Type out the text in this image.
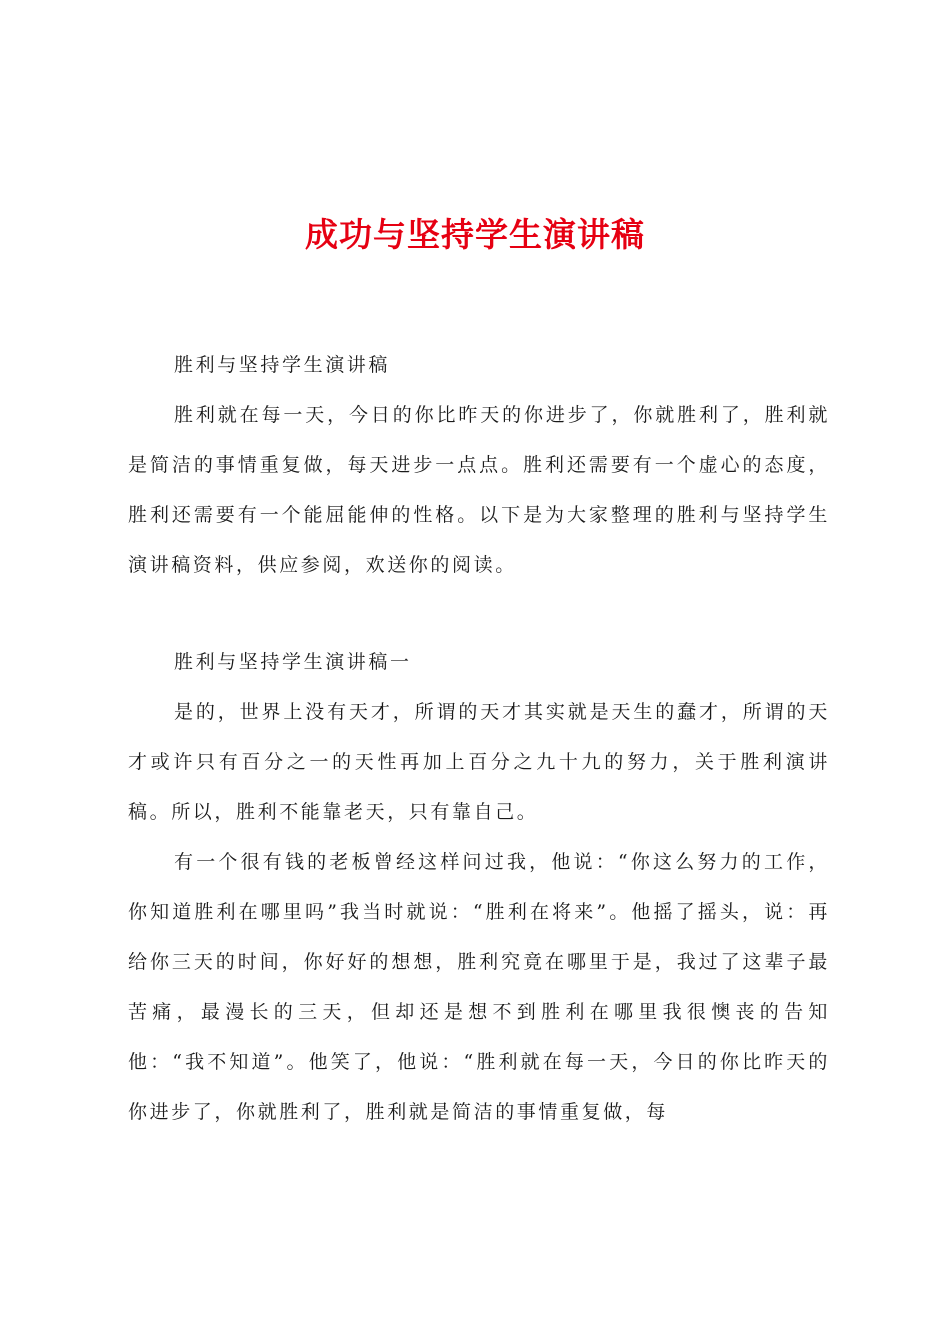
成功与坚持学生演讲稿

胜利与坚持学生演讲稿

胜利就在每一天，今日的你比昨天的你进步了，你就胜利了，胜利就是简洁的事情重复做，每天进步一点点。胜利还需要有一个虚心的态度，胜利还需要有一个能屈能伸的性格。以下是为大家整理的胜利与坚持学生演讲稿资料，供应参阅，欢送你的阅读。

胜利与坚持学生演讲稿一

是的，世界上没有天才，所谓的天才其实就是天生的蠢才，所谓的天才或许只有百分之一的天性再加上百分之九十九的努力，关于胜利演讲稿。所以，胜利不能靠老天，只有靠自己。

有一个很有钱的老板曾经这样问过我，他说：“你这么努力的工作，你知道胜利在哪里吗”我当时就说：“胜利在将来”。他摇了摇头，说：再给你三天的时间，你好好的想想，胜利究竟在哪里于是，我过了这辈子最苦痛，最漫长的三天，但却还是想不到胜利在哪里我很懊丧的告知他：“我不知道”。他笑了，他说：“胜利就在每一天，今日的你比昨天的你进步了，你就胜利了，胜利就是简洁的事情重复做，每
